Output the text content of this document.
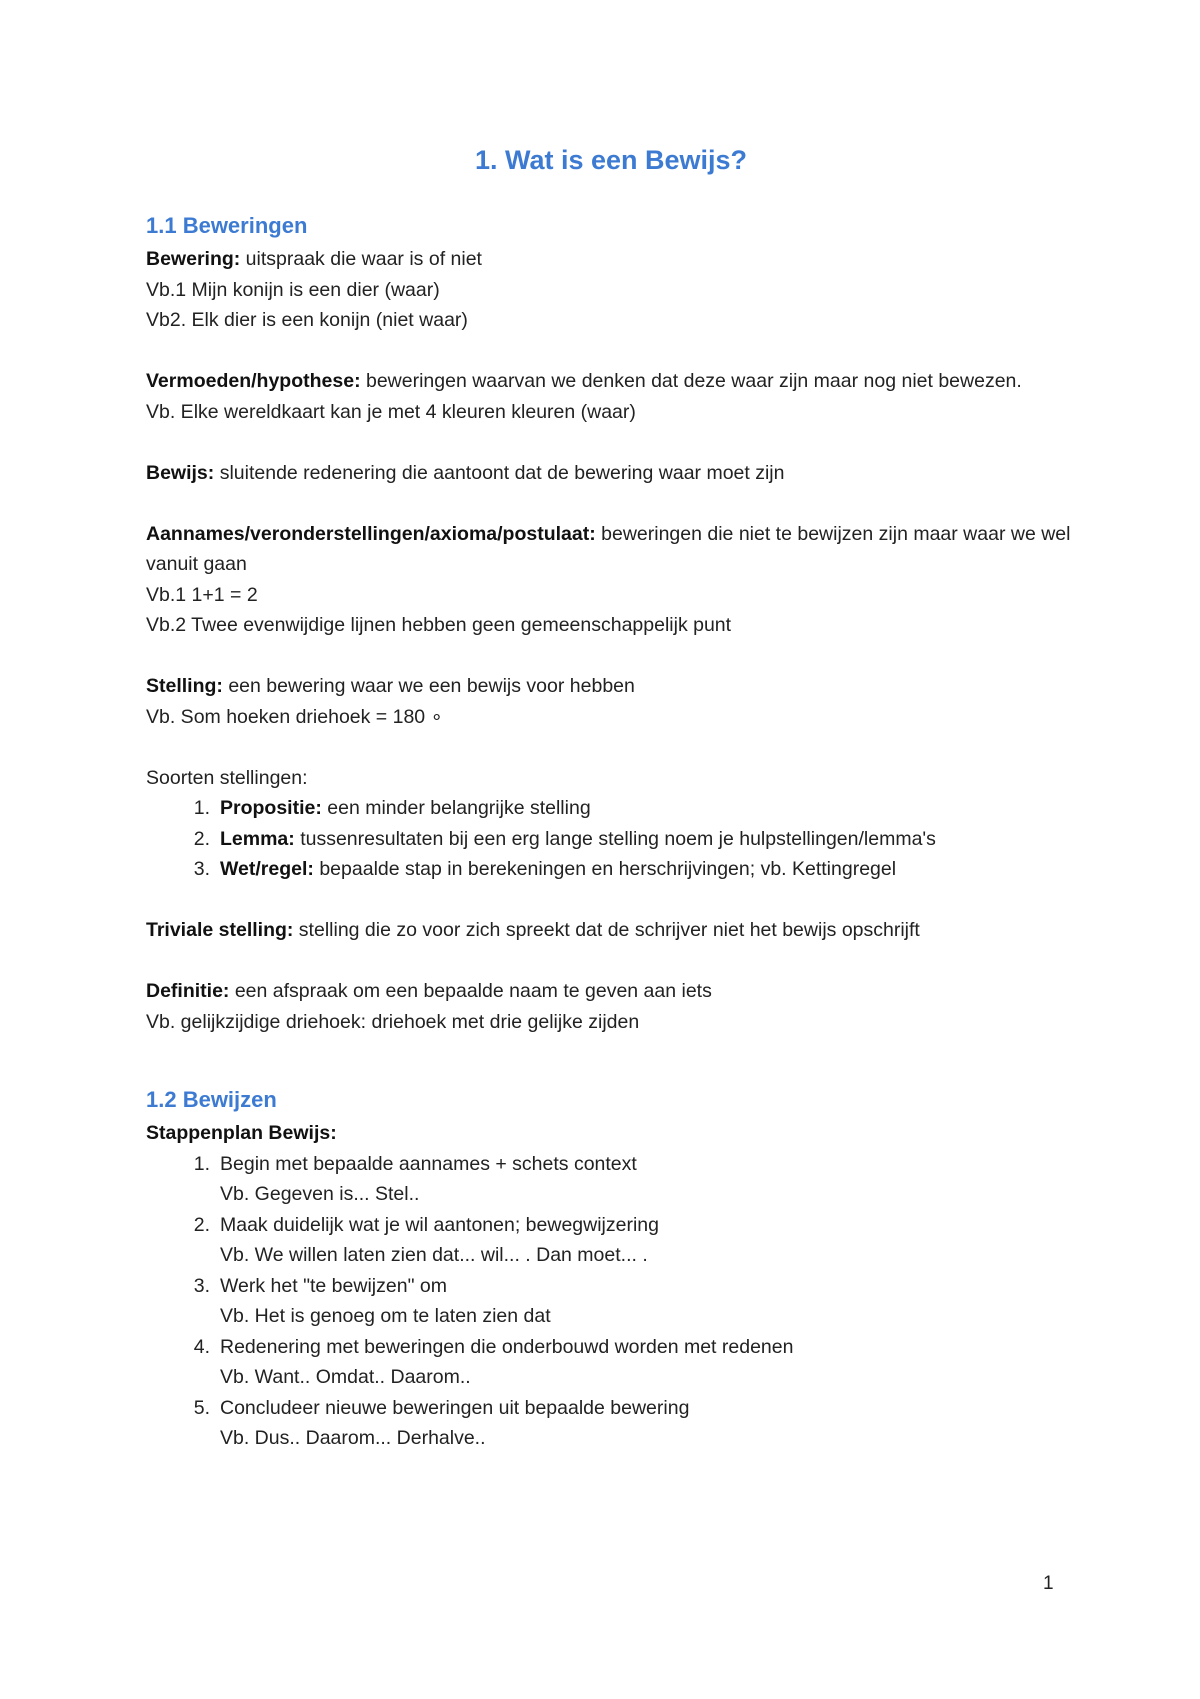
1. Wat is een Bewijs?
1.1 Beweringen

Bewering: uitspraak die waar is of niet

Vb.1 Mijn konijn is een dier (waar)

Vb2. Elk dier is een konijn (niet waar)

Vermoeden/hypothese: beweringen waarvan we denken dat deze waar zijn maar nog niet bewezen.

Vb. Elke wereldkaart kan je met 4 kleuren kleuren (waar)

Bewijs: sluitende redenering die aantoont dat de bewering waar moet zijn

Aannames/veronderstellingen/axioma/postulaat: beweringen die niet te bewijzen zijn maar waar we wel vanuit gaan

Vb.1 1+1 = 2

Vb.2 Twee evenwijdige lijnen hebben geen gemeenschappelijk punt

Stelling: een bewering waar we een bewijs voor hebben

Vb. Som hoeken driehoek = 180 ∘

Soorten stellingen:

1. Propositie: een minder belangrijke stelling
2. Lemma: tussenresultaten bij een erg lange stelling noem je hulpstellingen/lemma's
3. Wet/regel: bepaalde stap in berekeningen en herschrijvingen; vb. Kettingregel

Triviale stelling: stelling die zo voor zich spreekt dat de schrijver niet het bewijs opschrijft

Definitie: een afspraak om een bepaalde naam te geven aan iets

Vb. gelijkzijdige driehoek: driehoek met drie gelijke zijden

1.2 Bewijzen

Stappenplan Bewijs:

1. Begin met bepaalde aannames + schets context
Vb. Gegeven is... Stel..
2. Maak duidelijk wat je wil aantonen; bewegwijzering
Vb. We willen laten zien dat... wil... . Dan moet... .
3. Werk het "te bewijzen" om
Vb. Het is genoeg om te laten zien dat
4. Redenering met beweringen die onderbouwd worden met redenen
Vb. Want.. Omdat.. Daarom..
5. Concludeer nieuwe beweringen uit bepaalde bewering
Vb. Dus.. Daarom... Derhalve..
1
